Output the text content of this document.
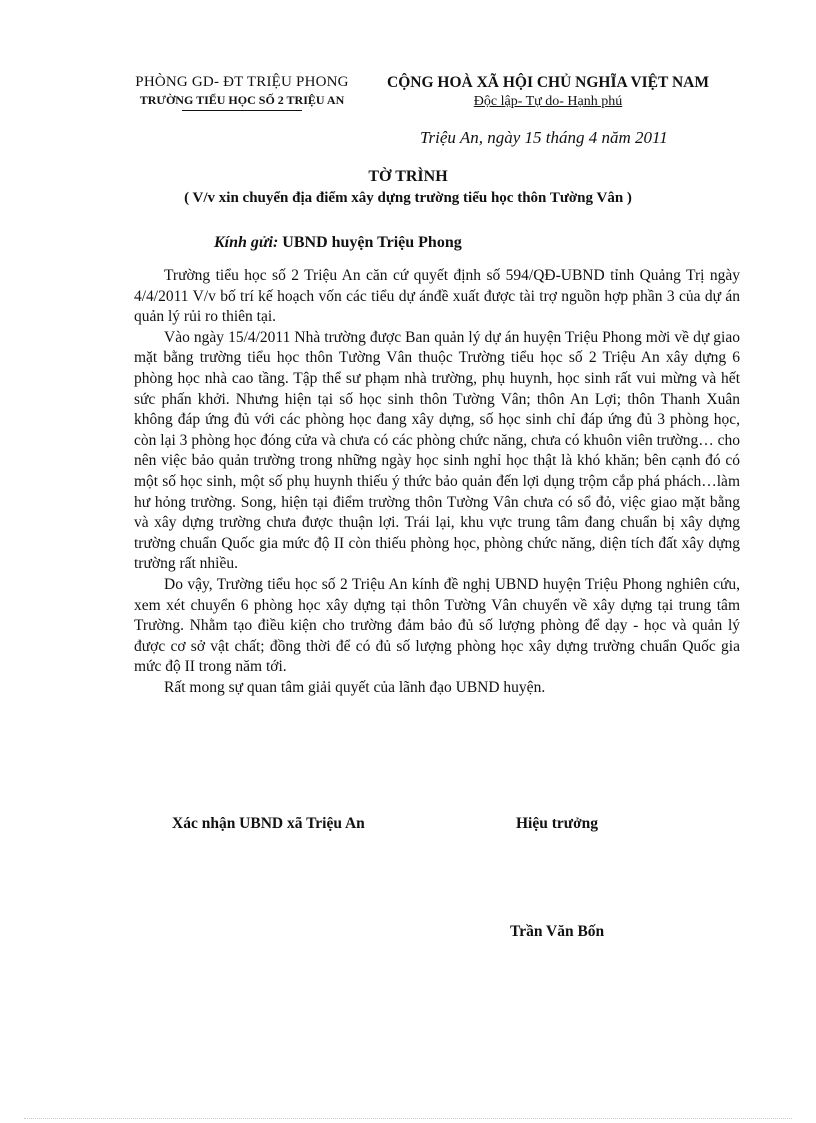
PHÒNG GD- ĐT TRIỆU PHONG
TRƯỜNG TIỂU HỌC SỐ 2 TRIỆU AN
CỘNG HOÀ XÃ HỘI CHỦ NGHĨA VIỆT NAM
Độc lập- Tự do- Hạnh phú
Triệu An, ngày 15 tháng 4 năm 2011
TỜ TRÌNH
( V/v xin chuyển địa điểm xây dựng trường tiểu học thôn Tường Vân )
Kính gửi: UBND huyện Triệu Phong

Trường tiểu học số 2 Triệu An căn cứ quyết định số 594/QĐ-UBND tỉnh Quảng Trị ngày 4/4/2011 V/v bố trí kế hoạch vốn các tiểu dự ánđề xuất được tài trợ nguồn hợp phần 3 của dự án quản lý rủi ro thiên tại.

Vào ngày 15/4/2011 Nhà trường được Ban quản lý dự án huyện Triệu Phong mời về dự giao mặt bằng trường tiểu học thôn Tường Vân thuộc Trường tiểu học số 2 Triệu An xây dựng 6 phòng học nhà cao tầng. Tập thể sư phạm nhà trường, phụ huynh, học sinh rất vui mừng và hết sức phấn khởi. Nhưng hiện tại số học sinh thôn Tường Vân; thôn An Lợi; thôn Thanh Xuân không đáp ứng đủ với các phòng học đang xây dựng, số học sinh chỉ đáp ứng đủ 3 phòng học, còn lại 3 phòng học đóng cửa và chưa có các phòng chức năng, chưa có khuôn viên trường… cho nên việc bảo quản trường trong những ngày học sinh nghỉ học thật là khó khăn; bên cạnh đó có một số học sinh, một số phụ huynh thiếu ý thức bảo quản đến lợi dụng trộm cắp phá phách…làm hư hỏng trường. Song, hiện tại điểm trường thôn Tường Vân chưa có sổ đỏ, việc giao mặt bằng và xây dựng trường chưa được thuận lợi. Trái lại, khu vực trung tâm đang chuẩn bị xây dựng trường chuẩn Quốc gia mức độ II còn thiếu phòng học, phòng chức năng, diện tích đất xây dựng trường rất nhiều.

Do vậy, Trường tiểu học số 2 Triệu An kính đề nghị UBND huyện Triệu Phong nghiên cứu, xem xét chuyển 6 phòng học xây dựng tại thôn Tường Vân chuyển về xây dựng tại trung tâm Trường. Nhằm tạo điều kiện cho trường đảm bảo đủ số lượng phòng để dạy - học và quản lý được cơ sở vật chất; đồng thời để có đủ số lượng phòng học xây dựng trường chuẩn Quốc gia mức độ II trong năm tới.

Rất mong sự quan tâm giải quyết của lãnh đạo UBND huyện.

Xác nhận UBND xã Triệu An	Hiệu trưởng
Trần Văn Bốn
